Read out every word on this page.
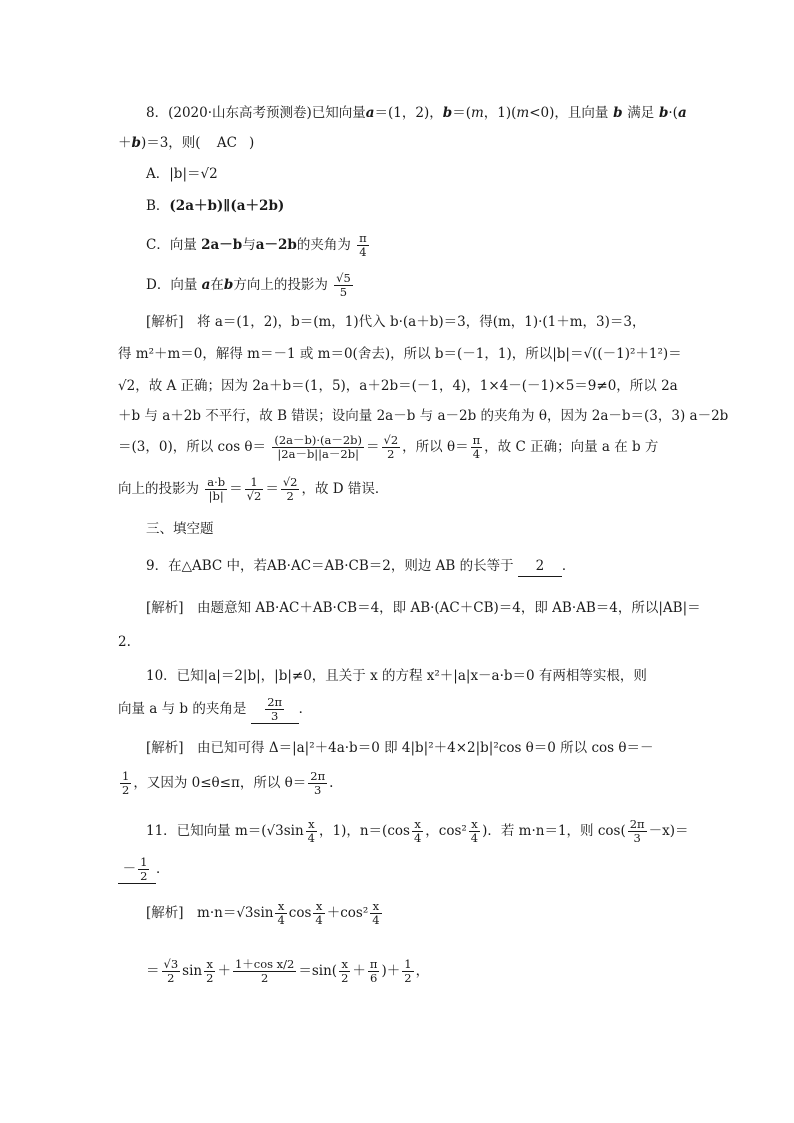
8．(2020·山东高考预测卷)已知向量a＝(1，2)，b＝(m，1)(m<0)，且向量 b 满足 b·(a
＋b)＝3，则( AC )
A．|b|＝√2
B．(2a＋b)∥(a＋2b)
C．向量 2a－b与a－2b的夹角为 $\frac{\pi}{4}$
D．向量 a在b方向上的投影为 $\frac{√5}{5}$
[解析]　将 a＝(1，2)，b＝(m，1)代入 b·(a＋b)＝3，得(m，1)·(1＋m，3)＝3，
得 m²＋m＝0，解得 m＝－1 或 m＝0(舍去)，所以 b＝(－1，1)，所以|b|＝√((－1)²＋1²)＝
√2，故 A 正确；因为 2a＋b＝(1，5)，a＋2b＝(－1，4)，1×4－(－1)×5＝9≠0，所以 2a
＋b 与 a＋2b 不平行，故 B 错误；设向量 2a－b 与 a－2b 的夹角为 θ，因为 2a－b＝(3，3) a－2b
＝(3，0)，所以 $\cos \theta= \frac{(2a-b)\cdot(a-2b)}{|2a-b||a-2b|} = \frac{√2}{2}$ ，所以 $\theta= \frac{\pi}{4}$ ，故 C 正确；向量 a 在 b 方
向上的投影为 $\frac{a\cdot b}{|b|} = \frac{1}{√2} = \frac{√2}{2}$ ，故 D 错误．
三、填空题
9．在△ABC 中，若AB·AC＝AB·CB＝2，则边 AB 的长等于 2 ．
[解析]　由题意知 AB·AC＋AB·CB＝4，即 AB·(AC＋CB)＝4，即 AB·AB＝4，所以|AB|＝
2.
10．已知|a|＝2|b|，|b|≠0，且关于 x 的方程 x²＋|a|x－a·b＝0 有两相等实根，则
向量 a 与 b 的夹角是 $\frac{2\pi}{3}$ ．
[解析]　由已知可得 Δ＝|a|²＋4a·b＝0 即 4|b|²＋4×2|b|²cos θ＝0 所以 cos θ＝－
$\frac{1}{2}$ ，又因为 0≤θ≤π，所以 $\theta= \frac{2\pi}{3}$ .
11．已知向量 $m=(√3\sin \frac{x}{4}$ ，1)，$n=(\cos \frac{x}{4}$ ，$\cos^2 \frac{x}{4}$ )．若 m·n＝1，则 $\cos( \frac{2\pi}{3} -x)=$
－ $\frac{1}{2}$ ．
[解析]　$m\cdot n=√3\sin \frac{x}{4}$ $\cos \frac{x}{4} +\cos^2 \frac{x}{4}$
＝ $\frac{√3}{2}$ $\sin \frac{x}{2} + \frac{\text{1＋cos x/2}}{2} =\sin( \frac{x}{2} + \frac{\pi}{6}$ )＋ $\frac{1}{2}$ ，
